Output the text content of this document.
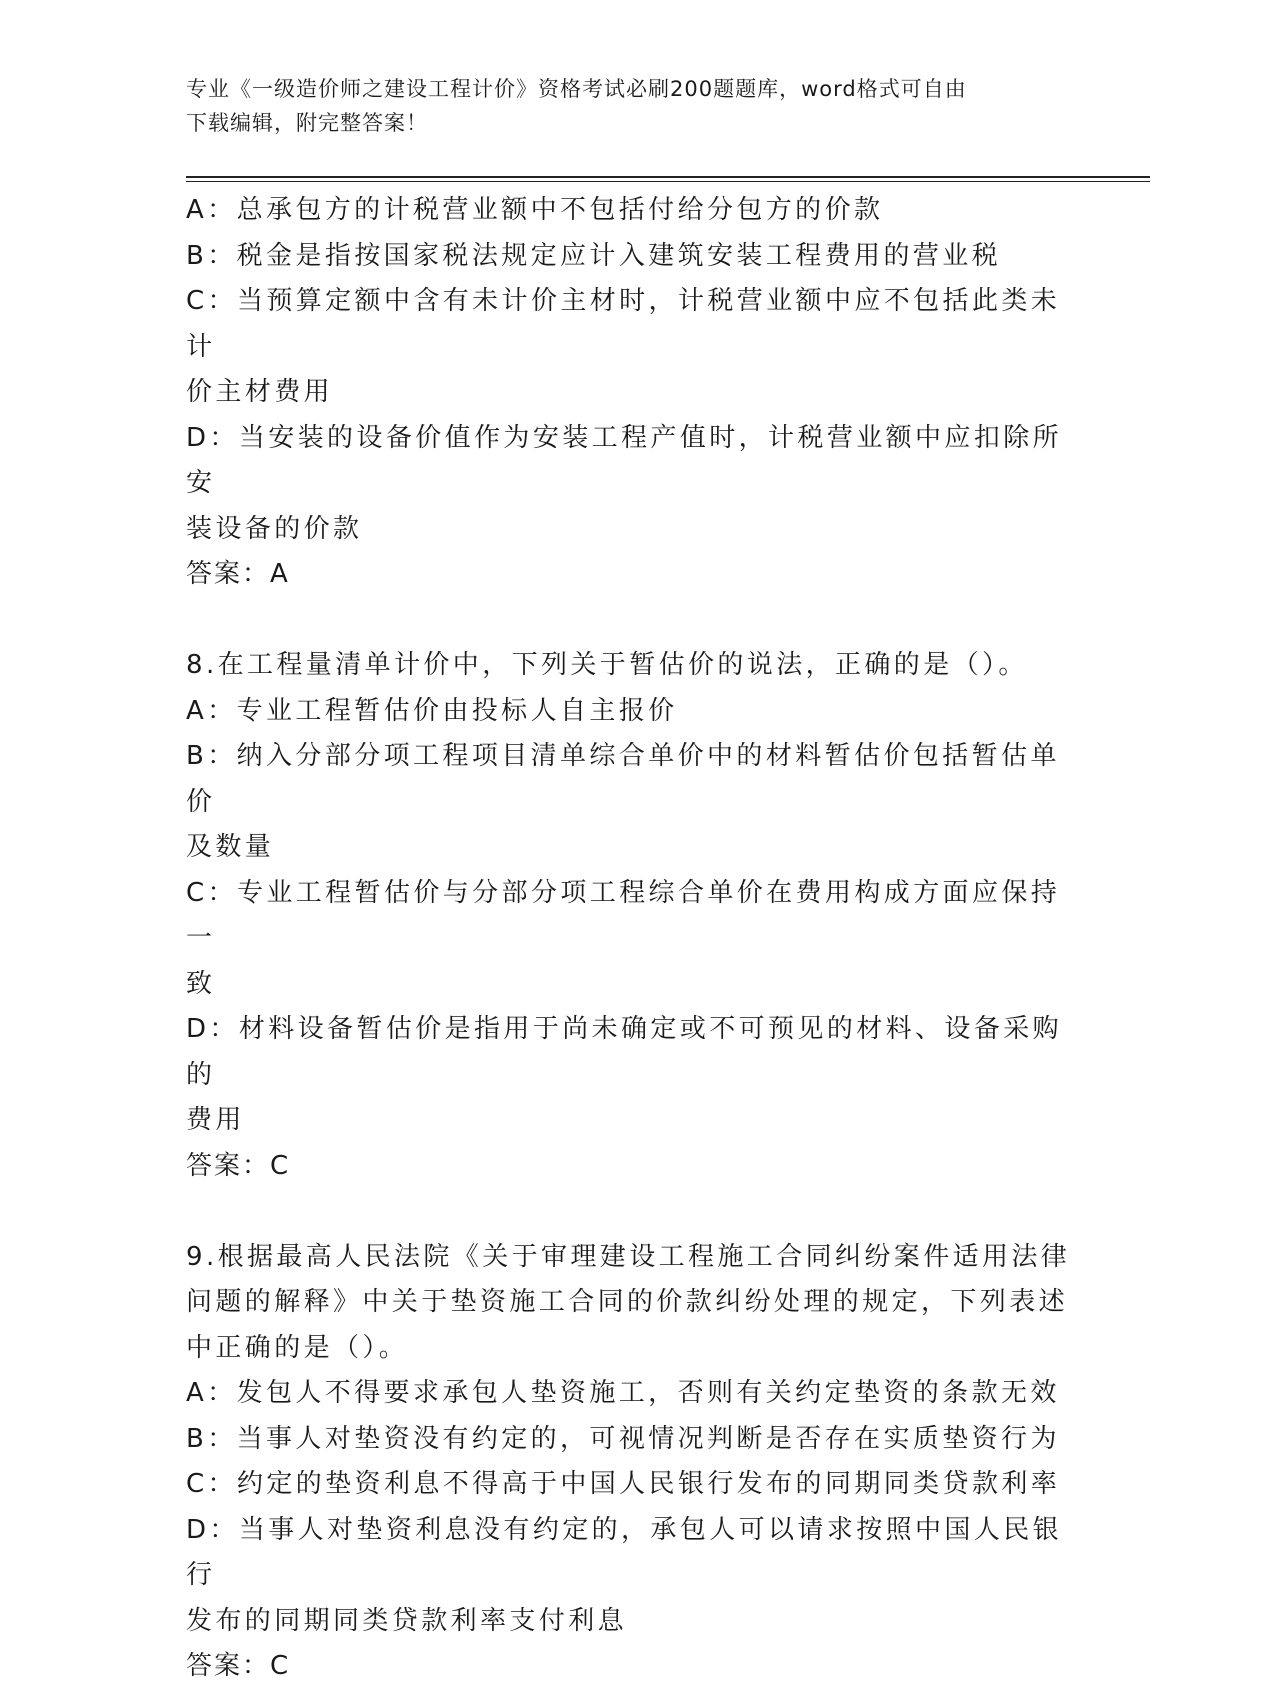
专业《一级造价师之建设工程计价》资格考试必刷200题题库，word格式可自由
下载编辑，附完整答案！
A：总承包方的计税营业额中不包括付给分包方的价款
B：税金是指按国家税法规定应计入建筑安装工程费用的营业税
C：当预算定额中含有未计价主材时，计税营业额中应不包括此类未计
价主材费用
D：当安装的设备价值作为安装工程产值时，计税营业额中应扣除所安
装设备的价款
答案：A
8.在工程量清单计价中，下列关于暂估价的说法，正确的是（）。
A：专业工程暂估价由投标人自主报价
B：纳入分部分项工程项目清单综合单价中的材料暂估价包括暂估单价
及数量
C：专业工程暂估价与分部分项工程综合单价在费用构成方面应保持一
致
D：材料设备暂估价是指用于尚未确定或不可预见的材料、设备采购的
费用
答案：C
9.根据最高人民法院《关于审理建设工程施工合同纠纷案件适用法律
问题的解释》中关于垫资施工合同的价款纠纷处理的规定，下列表述
中正确的是（）。
A：发包人不得要求承包人垫资施工，否则有关约定垫资的条款无效
B：当事人对垫资没有约定的，可视情况判断是否存在实质垫资行为
C：约定的垫资利息不得高于中国人民银行发布的同期同类贷款利率
D：当事人对垫资利息没有约定的，承包人可以请求按照中国人民银行
发布的同期同类贷款利率支付利息
答案：C
